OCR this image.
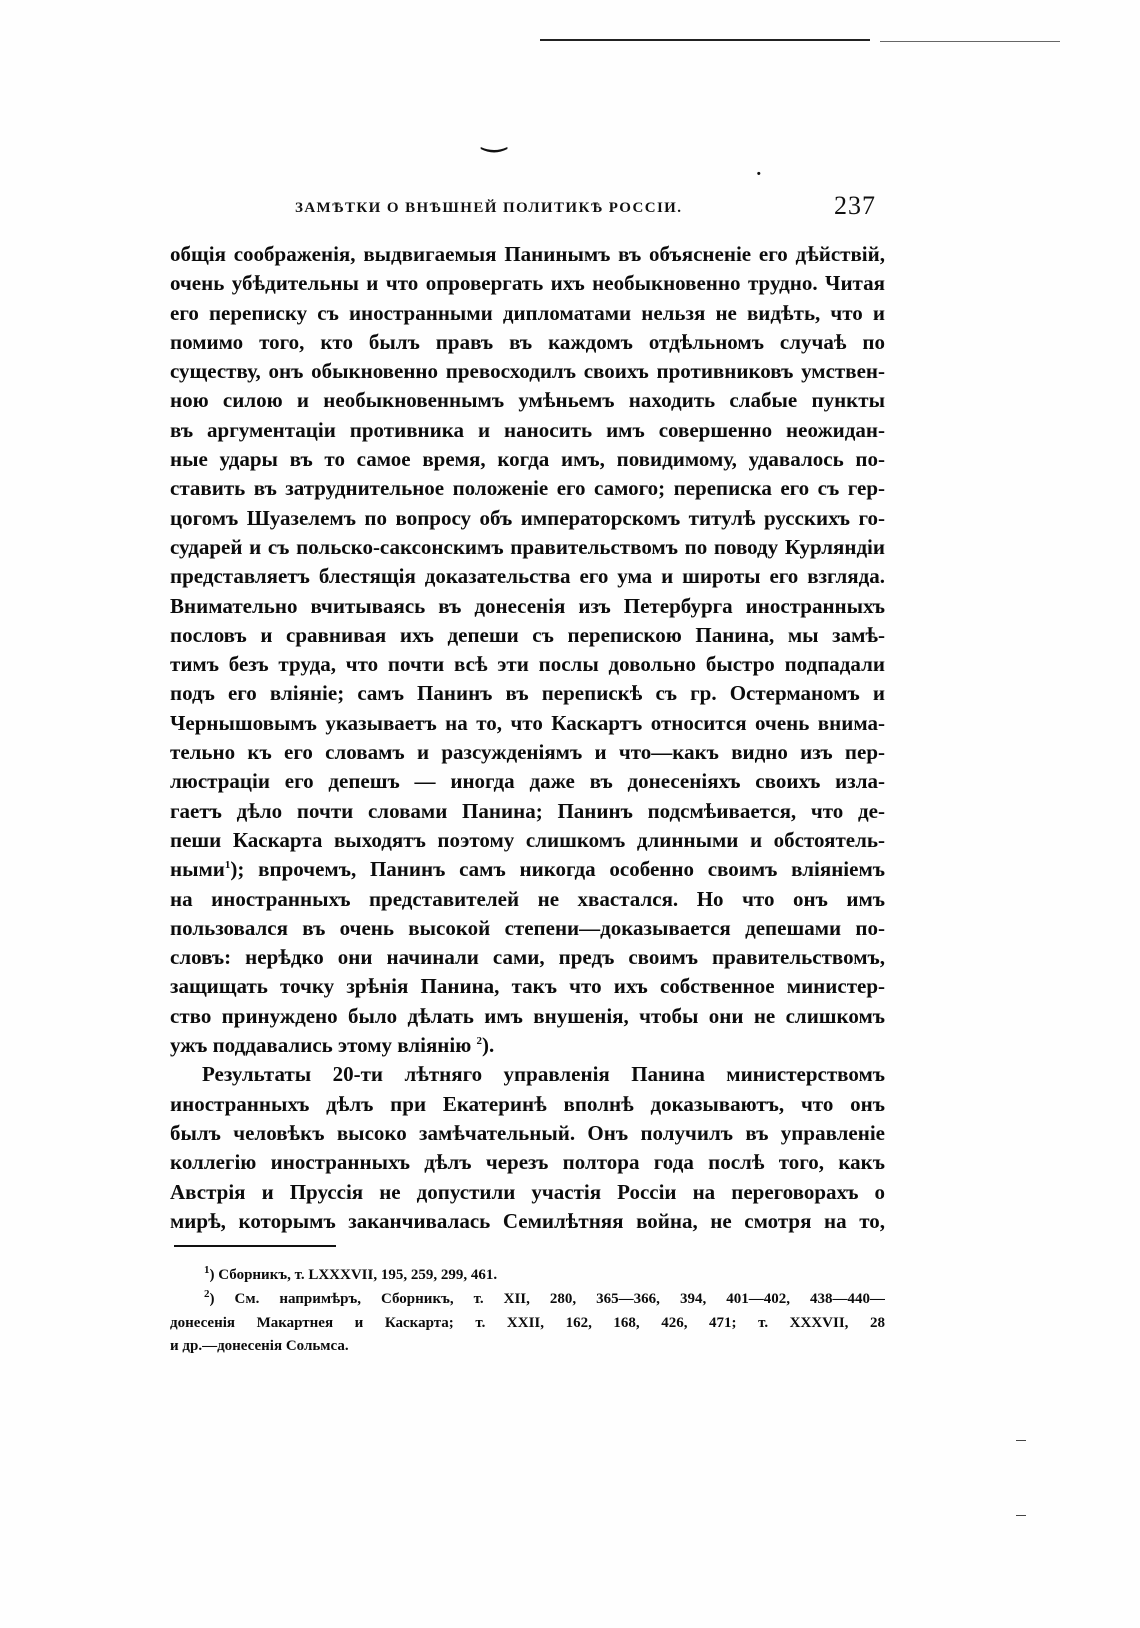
‿
·
ЗАМѢТКИ О ВНѢШНЕЙ ПОЛИТИКѢ РОССІИ.	237
общія соображенія, выдвигаемыя Панинымъ въ объясненіе его дѣйствій,
очень убѣдительны и что опровергать ихъ необыкновенно трудно. Читая
его переписку съ иностранными дипломатами нельзя не видѣть, что и
помимо того, кто былъ правъ въ каждомъ отдѣльномъ случаѣ по
существу, онъ обыкновенно превосходилъ своихъ противниковъ умствен-
ною силою и необыкновеннымъ умѣньемъ находить слабые пункты
въ аргументаціи противника и наносить имъ совершенно неожидан-
ные удары въ то самое время, когда имъ, повидимому, удавалось по-
ставить въ затруднительное положеніе его самого; переписка его съ гер-
цогомъ Шуазелемъ по вопросу объ императорскомъ титулѣ русскихъ го-
сударей и съ польско-саксонскимъ правительствомъ по поводу Курляндіи
представляетъ блестящія доказательства его ума и широты его взгляда.
Внимательно вчитываясь въ донесенія изъ Петербурга иностранныхъ
пословъ и сравнивая ихъ депеши съ перепискою Панина, мы замѣ-
тимъ безъ труда, что почти всѣ эти послы довольно быстро подпадали
подъ его вліяніе; самъ Панинъ въ перепискѣ съ гр. Остерманомъ и
Чернышовымъ указываетъ на то, что Каскартъ относится очень внима-
тельно къ его словамъ и разсужденіямъ и что—какъ видно изъ пер-
люстраціи его депешъ — иногда даже въ донесеніяхъ своихъ изла-
гаетъ дѣло почти словами Панина; Панинъ подсмѣивается, что де-
пеши Каскарта выходятъ поэтому слишкомъ длинными и обстоятель-
ными$^1$); впрочемъ, Панинъ самъ никогда особенно своимъ вліяніемъ
на иностранныхъ представителей не хвастался. Но что онъ имъ
пользовался въ очень высокой степени—доказывается депешами по-
словъ: нерѣдко они начинали сами, предъ своимъ правительствомъ,
защищать точку зрѣнія Панина, такъ что ихъ собственное министер-
ство принуждено было дѣлать имъ внушенія, чтобы они не слишкомъ
ужъ поддавались этому вліянію $^2$).
Результаты 20-ти лѣтняго управленія Панина министерствомъ
иностранныхъ дѣлъ при Екатеринѣ вполнѣ доказываютъ, что онъ
былъ человѣкъ высоко замѣчательный. Онъ получилъ въ управленіе
коллегію иностранныхъ дѣлъ черезъ полтора года послѣ того, какъ
Австрія и Пруссія не допустили участія Россіи на переговорахъ о
мирѣ, которымъ заканчивалась Семилѣтняя война, не смотря на то,
$^1$) Сборникъ, т. LXXXVII, 195, 259, 299, 461.
$^2$) См. напримѣръ, Сборникъ, т. XII, 280, 365—366, 394, 401—402, 438—440—
донесенія Макартнея и Каскарта; т. XXII, 162, 168, 426, 471; т. XXXVII, 28
и др.—донесенія Сольмса.
